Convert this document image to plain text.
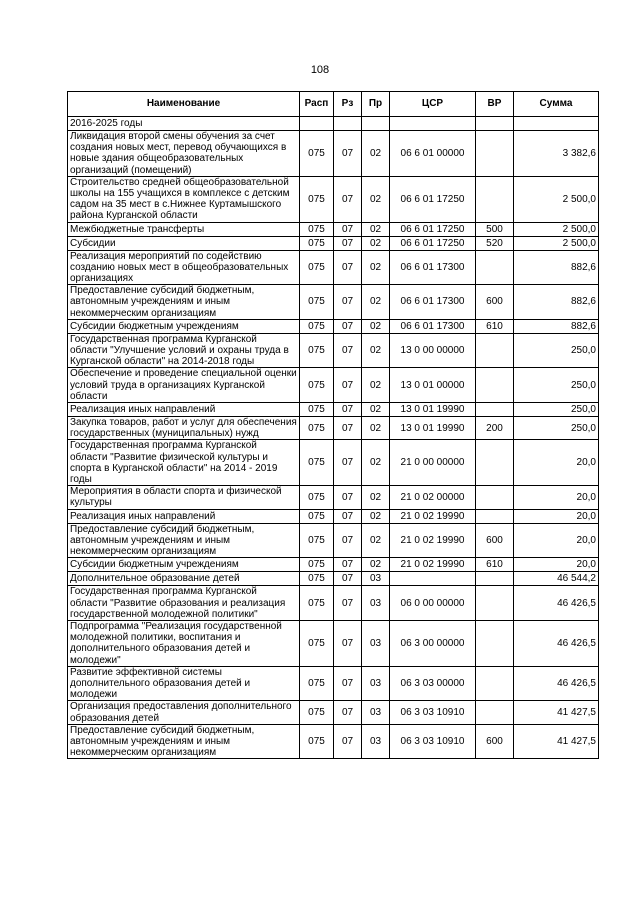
108
Наименование	Расп	Рз	Пр	ЦСР	ВР	Сумма
2016-2025 годы						
Ликвидация второй смены обучения за счет создания новых мест, перевод обучающихся в новые здания общеобразовательных организаций (помещений)	075	07	02	06 6 01 00000		3 382,6
Строительство средней общеобразовательной школы на 155 учащихся в комплексе с детским садом на 35 мест в с.Нижнее Куртамышского района Курганской области	075	07	02	06 6 01 17250		2 500,0
Межбюджетные трансферты	075	07	02	06 6 01 17250	500	2 500,0
Субсидии	075	07	02	06 6 01 17250	520	2 500,0
Реализация мероприятий по содействию созданию новых мест в общеобразовательных организациях	075	07	02	06 6 01 17300		882,6
Предоставление субсидий бюджетным, автономным учреждениям и иным некоммерческим организациям	075	07	02	06 6 01 17300	600	882,6
Субсидии бюджетным учреждениям	075	07	02	06 6 01 17300	610	882,6
Государственная программа Курганской области "Улучшение условий и охраны труда в Курганской области" на 2014-2018 годы	075	07	02	13 0 00 00000		250,0
Обеспечение и проведение специальной оценки условий труда в организациях Курганской области	075	07	02	13 0 01 00000		250,0
Реализация иных направлений	075	07	02	13 0 01 19990		250,0
Закупка товаров, работ и услуг для обеспечения государственных (муниципальных) нужд	075	07	02	13 0 01 19990	200	250,0
Государственная программа Курганской области "Развитие физической культуры и спорта в Курганской области" на 2014 - 2019 годы	075	07	02	21 0 00 00000		20,0
Мероприятия в области спорта и физической культуры	075	07	02	21 0 02 00000		20,0
Реализация иных направлений	075	07	02	21 0 02 19990		20,0
Предоставление субсидий бюджетным, автономным учреждениям и иным некоммерческим организациям	075	07	02	21 0 02 19990	600	20,0
Субсидии бюджетным учреждениям	075	07	02	21 0 02 19990	610	20,0
Дополнительное образование детей	075	07	03			46 544,2
Государственная программа Курганской области "Развитие образования и реализация государственной молодежной политики"	075	07	03	06 0 00 00000		46 426,5
Подпрограмма "Реализация государственной молодежной политики, воспитания и дополнительного образования детей и молодежи"	075	07	03	06 3 00 00000		46 426,5
Развитие эффективной системы дополнительного образования детей и молодежи	075	07	03	06 3 03 00000		46 426,5
Организация предоставления дополнительного образования детей	075	07	03	06 3 03 10910		41 427,5
Предоставление субсидий бюджетным, автономным учреждениям и иным некоммерческим организациям	075	07	03	06 3 03 10910	600	41 427,5
